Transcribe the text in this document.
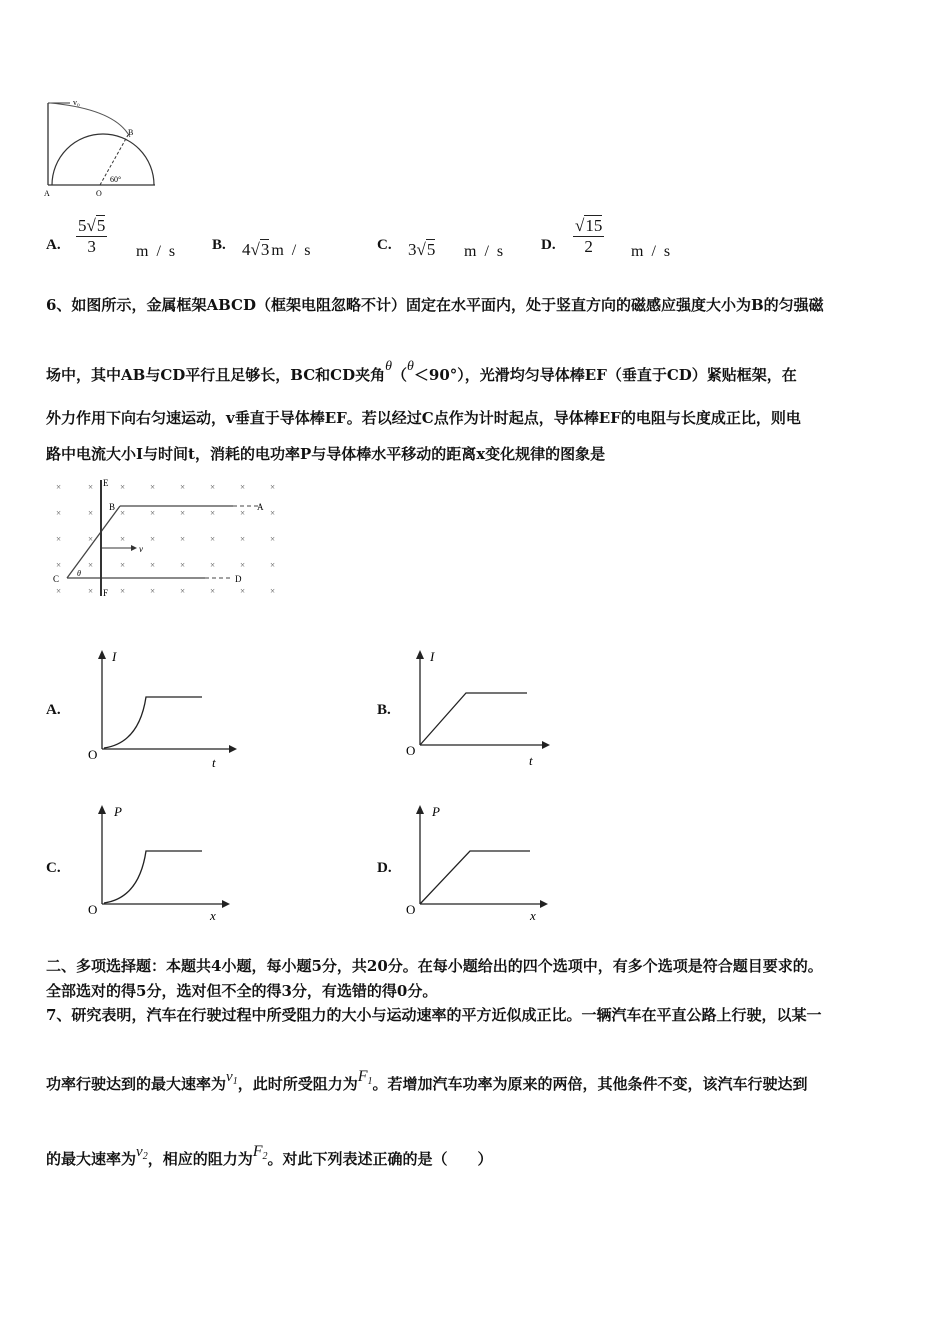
v₀
B
A	O
60°
A. $\frac{5√5}{3}$ m / s B. 4√3 m / s	C. 3√5 m / s D. $\frac{√15}{2}$ m / s
6、如图所示，金属框架ABCD（框架电阻忽略不计）固定在水平面内，处于竖直方向的磁感应强度大小为B的匀强磁
场中，其中AB与CD平行且足够长，BC和CD夹角θ（θ＜90°），光滑均匀导体棒EF（垂直于CD）紧贴框架，在
外力作用下向右匀速运动，v垂直于导体棒EF。若以经过C点作为计时起点，导体棒EF的电阻与长度成正比，则电
路中电流大小I与时间t，消耗的电功率P与导体棒水平移动的距离x变化规律的图象是
×	×	×	×	×	×	×	×
×	×	×	×	×	×	×	×
×	×	×	×	×	×	×	×
×	×	×	×	×	×	×	×
×	×	×	×	×	×	×	×
E
B	A
C	D
F
v
θ
A.
I
O
t
B.
I
O
t
C.
P
O	x
D.
P
O	x
二、多项选择题：本题共4小题，每小题5分，共20分。在每小题给出的四个选项中，有多个选项是符合题目要求的。
全部选对的得5分，选对但不全的得3分，有选错的得0分。
7、研究表明，汽车在行驶过程中所受阻力的大小与运动速率的平方近似成正比。一辆汽车在平直公路上行驶，以某一
功率行驶达到的最大速率为$v_1$，此时所受阻力为$F_1$。若增加汽车功率为原来的两倍，其他条件不变，该汽车行驶达到
的最大速率为$v_2$，相应的阻力为$F_2$。对此下列表述正确的是（　　）
